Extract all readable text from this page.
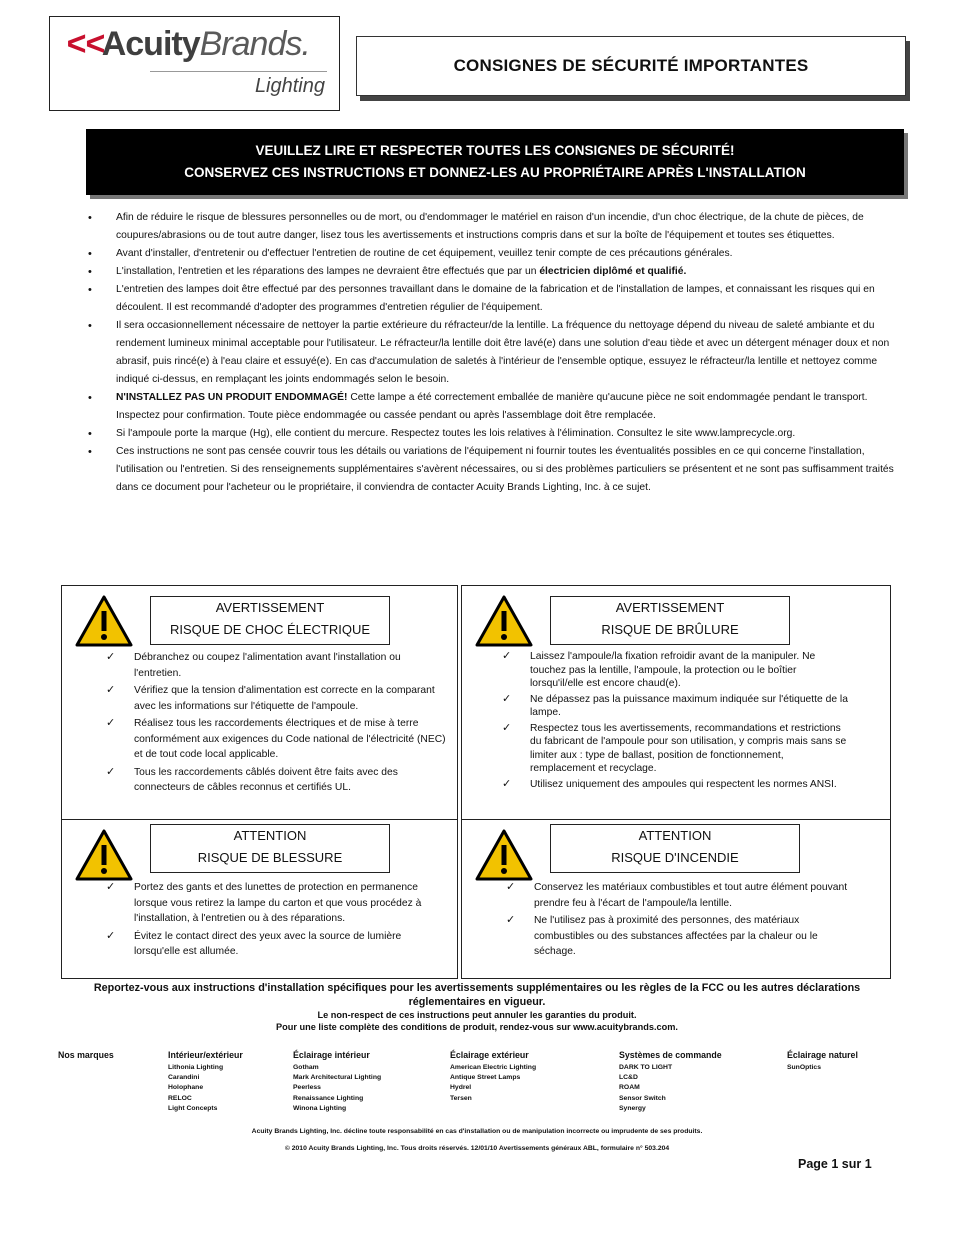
<<AcuityBrands.
Lighting
CONSIGNES DE SÉCURITÉ IMPORTANTES
VEUILLEZ LIRE ET RESPECTER TOUTES LES CONSIGNES DE SÉCURITÉ!
CONSERVEZ CES INSTRUCTIONS ET DONNEZ-LES AU PROPRIÉTAIRE APRÈS L'INSTALLATION
• Afin de réduire le risque de blessures personnelles ou de mort, ou d'endommager le matériel en raison d'un incendie, d'un choc électrique, de la chute de pièces, de coupures/abrasions ou de tout autre danger, lisez tous les avertissements et instructions compris dans et sur la boîte de l'équipement et toutes ses étiquettes.
• Avant d'installer, d'entretenir ou d'effectuer l'entretien de routine de cet équipement, veuillez tenir compte de ces précautions générales.
• L'installation, l'entretien et les réparations des lampes ne devraient être effectués que par un électricien diplômé et qualifié.
• L'entretien des lampes doit être effectué par des personnes travaillant dans le domaine de la fabrication et de l'installation de lampes, et connaissant les risques qui en découlent. Il est recommandé d'adopter des programmes d'entretien régulier de l'équipement.
• Il sera occasionnellement nécessaire de nettoyer la partie extérieure du réfracteur/de la lentille. La fréquence du nettoyage dépend du niveau de saleté ambiante et du rendement lumineux minimal acceptable pour l'utilisateur. Le réfracteur/la lentille doit être lavé(e) dans une solution d'eau tiède et avec un détergent ménager doux et non abrasif, puis rincé(e) à l'eau claire et essuyé(e). En cas d'accumulation de saletés à l'intérieur de l'ensemble optique, essuyez le réfracteur/la lentille et nettoyez comme indiqué ci-dessus, en remplaçant les joints endommagés selon le besoin.
• N'INSTALLEZ PAS UN PRODUIT ENDOMMAGÉ! Cette lampe a été correctement emballée de manière qu'aucune pièce ne soit endommagée pendant le transport. Inspectez pour confirmation. Toute pièce endommagée ou cassée pendant ou après l'assemblage doit être remplacée.
• Si l'ampoule porte la marque (Hg), elle contient du mercure. Respectez toutes les lois relatives à l'élimination. Consultez le site www.lamprecycle.org.
• Ces instructions ne sont pas censée couvrir tous les détails ou variations de l'équipement ni fournir toutes les éventualités possibles en ce qui concerne l'installation, l'utilisation ou l'entretien. Si des renseignements supplémentaires s'avèrent nécessaires, ou si des problèmes particuliers se présentent et ne sont pas suffisamment traités dans ce document pour l'acheteur ou le propriétaire, il conviendra de contacter Acuity Brands Lighting, Inc. à ce sujet.
AVERTISSEMENT
RISQUE DE CHOC ÉLECTRIQUE
✓ Débranchez ou coupez l'alimentation avant l'installation ou l'entretien.
✓ Vérifiez que la tension d'alimentation est correcte en la comparant avec les informations sur l'étiquette de l'ampoule.
✓ Réalisez tous les raccordements électriques et de mise à terre conformément aux exigences du Code national de l'électricité (NEC) et de tout code local applicable.
✓ Tous les raccordements câblés doivent être faits avec des connecteurs de câbles reconnus et certifiés UL.
AVERTISSEMENT
RISQUE DE BRÛLURE
✓ Laissez l'ampoule/la fixation refroidir avant de la manipuler. Ne touchez pas la lentille, l'ampoule, la protection ou le boîtier lorsqu'il/elle est encore chaud(e).
✓ Ne dépassez pas la puissance maximum indiquée sur l'étiquette de la lampe.
✓ Respectez tous les avertissements, recommandations et restrictions du fabricant de l'ampoule pour son utilisation, y compris mais sans se limiter aux : type de ballast, position de fonctionnement, remplacement et recyclage.
✓ Utilisez uniquement des ampoules qui respectent les normes ANSI.
ATTENTION
RISQUE DE BLESSURE
✓ Portez des gants et des lunettes de protection en permanence lorsque vous retirez la lampe du carton et que vous procédez à l'installation, à l'entretien ou à des réparations.
✓ Évitez le contact direct des yeux avec la source de lumière lorsqu'elle est allumée.
ATTENTION
RISQUE D'INCENDIE
✓ Conservez les matériaux combustibles et tout autre élément pouvant prendre feu à l'écart de l'ampoule/la lentille.
✓ Ne l'utilisez pas à proximité des personnes, des matériaux combustibles ou des substances affectées par la chaleur ou le séchage.
Reportez-vous aux instructions d'installation spécifiques pour les avertissements supplémentaires ou les règles de la FCC ou les autres déclarations réglementaires en vigueur.
Le non-respect de ces instructions peut annuler les garanties du produit.
Pour une liste complète des conditions de produit, rendez-vous sur www.acuitybrands.com.
Nos marques	Intérieur/extérieur
Lithonia Lighting
Carandini
Holophane
RELOC
Light Concepts
Éclairage intérieur
Gotham
Mark Architectural Lighting
Peerless
Renaissance Lighting
Winona Lighting
Éclairage extérieur
American Electric Lighting
Antique Street Lamps
Hydrel
Tersen
Systèmes de commande
DARK TO LIGHT
LC&D
ROAM
Sensor Switch
Synergy
Éclairage naturel
SunOptics
Acuity Brands Lighting, Inc. décline toute responsabilité en cas d'installation ou de manipulation incorrecte ou imprudente de ses produits.
© 2010 Acuity Brands Lighting, Inc. Tous droits réservés. 12/01/10 Avertissements généraux ABL, formulaire n° 503.204
Page 1 sur 1
